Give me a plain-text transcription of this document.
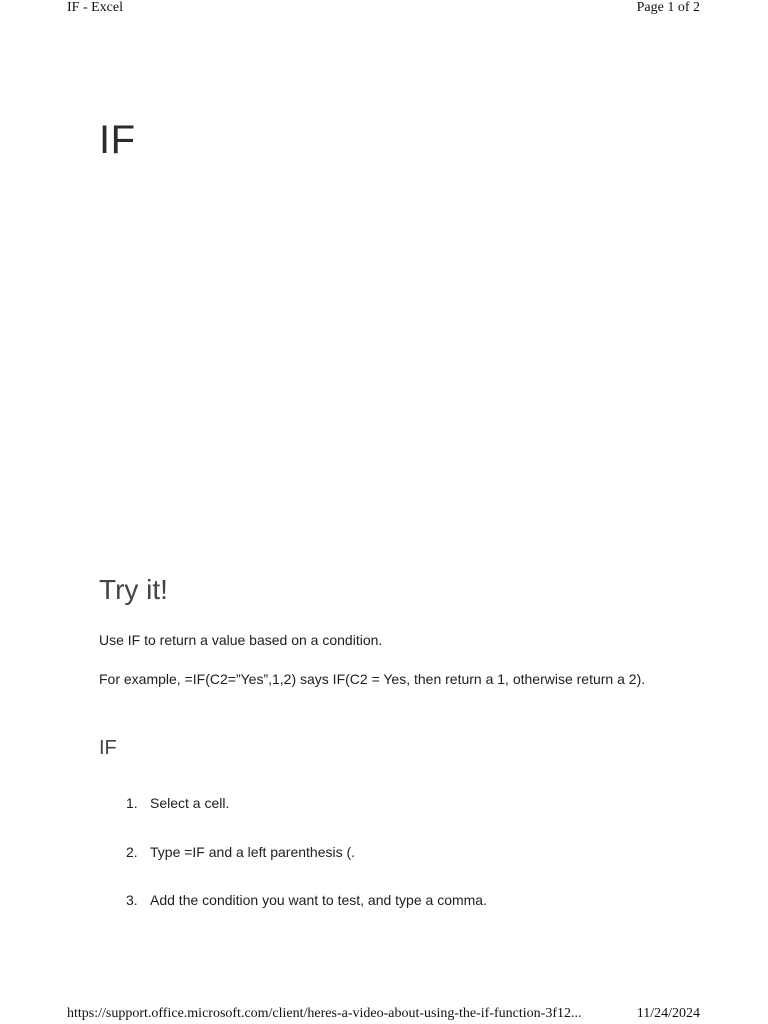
IF - Excel	Page 1 of 2
IF
Try it!

Use IF to return a value based on a condition.

For example, =IF(C2=”Yes”,1,2) says IF(C2 = Yes, then return a 1, otherwise return a 2).

IF
1. Select a cell.
2. Type =IF and a left parenthesis (.
3. Add the condition you want to test, and type a comma.
https://support.office.microsoft.com/client/heres-a-video-about-using-the-if-function-3f12...	11/24/2024
